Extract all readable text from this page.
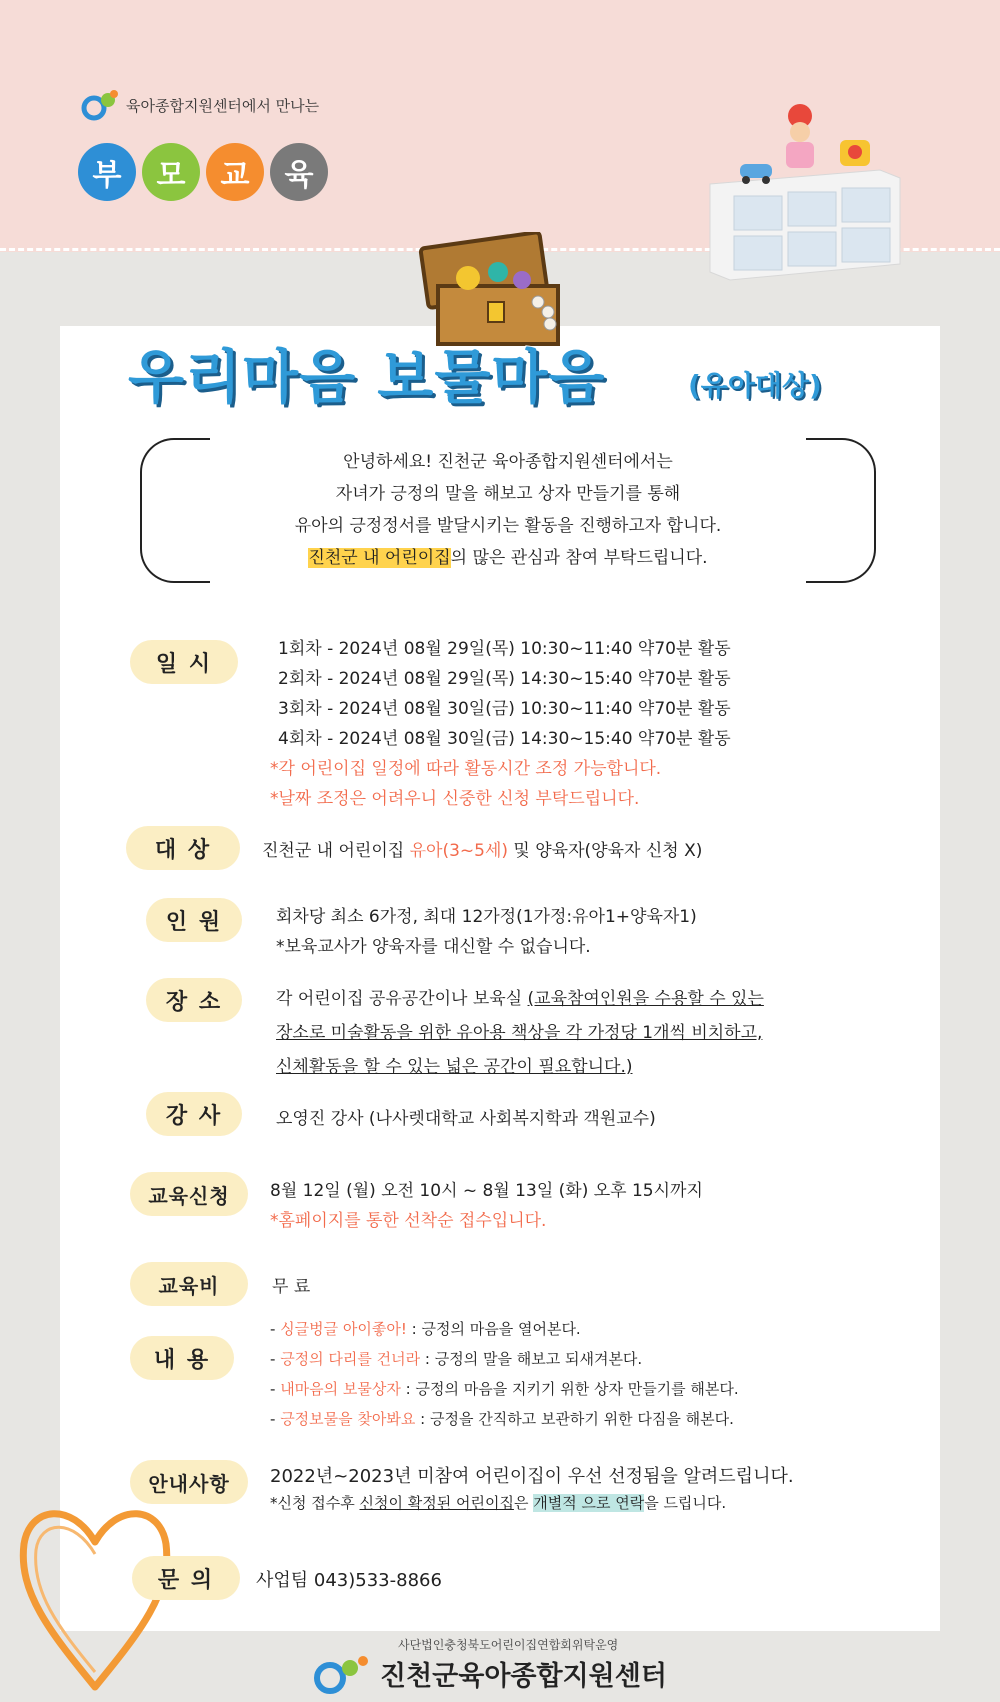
육아종합지원센터에서 만나는
부	모	교	육
우리마음 보물마음	(유아대상)
안녕하세요! 진천군 육아종합지원센터에서는
자녀가 긍정의 말을 해보고 상자 만들기를 통해
유아의 긍정정서를 발달시키는 활동을 진행하고자 합니다.
진천군 내 어린이집의 많은 관심과 참여 부탁드립니다.
일 시
1회차 - 2024년 08월 29일(목) 10:30~11:40 약70분 활동
2회차 - 2024년 08월 29일(목) 14:30~15:40 약70분 활동
3회차 - 2024년 08월 30일(금) 10:30~11:40 약70분 활동
4회차 - 2024년 08월 30일(금) 14:30~15:40 약70분 활동
*각 어린이집 일정에 따라 활동시간 조정 가능합니다.
*날짜 조정은 어려우니 신중한 신청 부탁드립니다.
대 상	진천군 내 어린이집 유아(3~5세) 및 양육자(양육자 신청 X)
인 원	회차당 최소 6가정, 최대 12가정(1가정:유아1+양육자1)
*보육교사가 양육자를 대신할 수 없습니다.
장 소	각 어린이집 공유공간이나 보육실 (교육참여인원을 수용할 수 있는
장소로 미술활동을 위한 유아용 책상을 각 가정당 1개씩 비치하고,
신체활동을 할 수 있는 넓은 공간이 필요합니다.)
강 사	오영진 강사 (나사렛대학교 사회복지학과 객원교수)
교육신청	8월 12일 (월) 오전 10시 ~ 8월 13일 (화) 오후 15시까지
*홈페이지를 통한 선착순 접수입니다.
교육비	무 료
내 용
- 싱글벙글 아이좋아! : 긍정의 마음을 열어본다.
- 긍정의 다리를 건너라 : 긍정의 말을 해보고 되새겨본다.
- 내마음의 보물상자 : 긍정의 마음을 지키기 위한 상자 만들기를 해본다.
- 긍정보물을 찾아봐요 : 긍정을 간직하고 보관하기 위한 다짐을 해본다.
안내사항	2022년~2023년 미참여 어린이집이 우선 선정됨을 알려드립니다.
*신청 접수후 신청이 확정된 어린이집은 개별적 으로 연락을 드립니다.
문 의	사업팀 043)533-8866
사단법인충청북도어린이집연합회위탁운영
진천군육아종합지원센터
